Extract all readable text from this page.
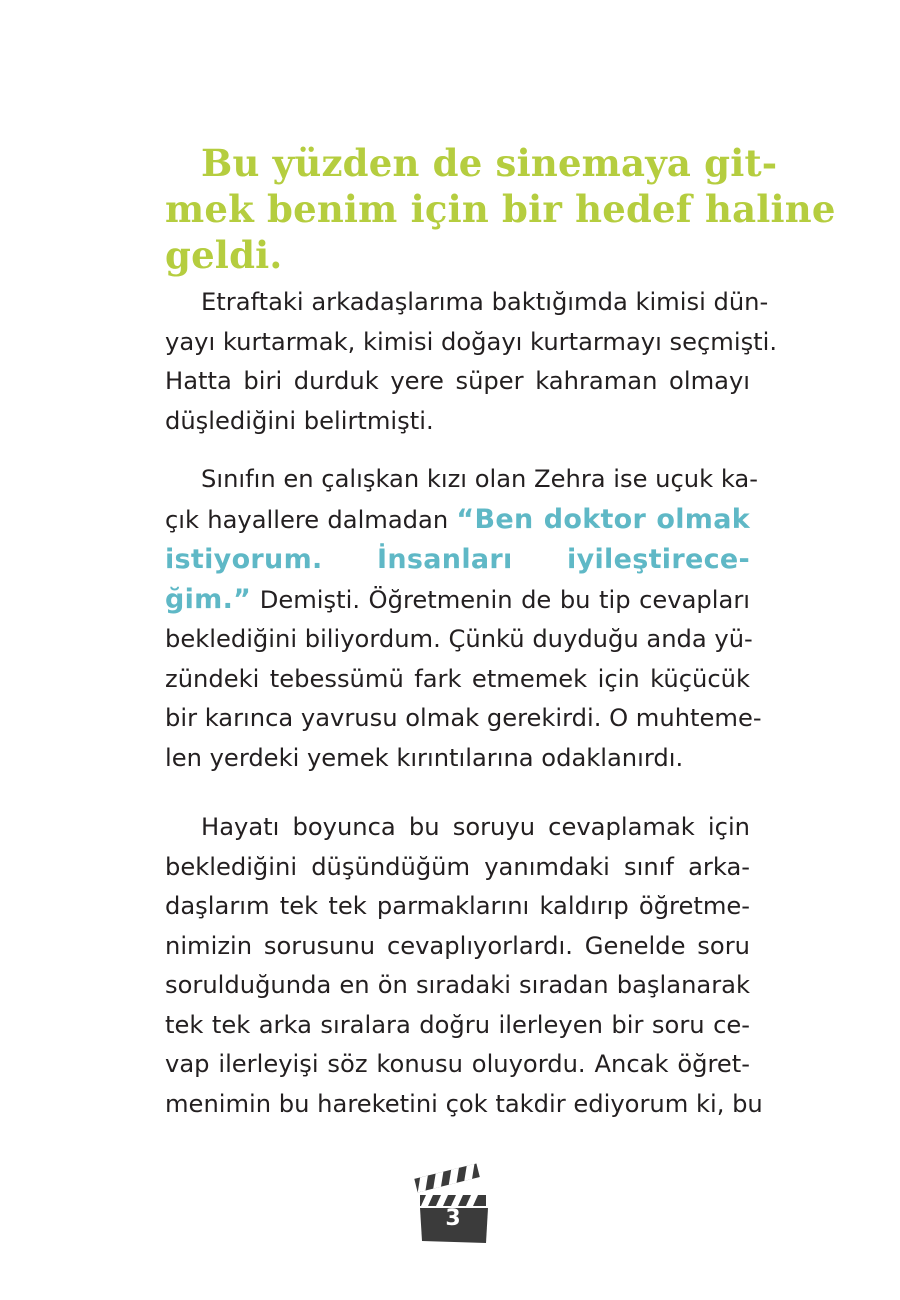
Bu yüzden de sinemaya git-
mek benim için bir hedef haline
geldi.

Etraftaki arkadaşlarıma baktığımda kimisi dün-
yayı kurtarmak, kimisi doğayı kurtarmayı seçmişti.
Hatta biri durduk yere süper kahraman olmayı
düşlediğini belirtmişti.

Sınıfın en çalışkan kızı olan Zehra ise uçuk ka-
çık hayallere dalmadan “Ben doktor olmak
istiyorum. İnsanları iyileştirece-
ğim.” Demişti. Öğretmenin de bu tip cevapları
beklediğini biliyordum. Çünkü duyduğu anda yü-
zündeki tebessümü fark etmemek için küçücük
bir karınca yavrusu olmak gerekirdi. O muhteme-
len yerdeki yemek kırıntılarına odaklanırdı.

Hayatı boyunca bu soruyu cevaplamak için
beklediğini düşündüğüm yanımdaki sınıf arka-
daşlarım tek tek parmaklarını kaldırıp öğretme-
nimizin sorusunu cevaplıyorlardı. Genelde soru
sorulduğunda en ön sıradaki sıradan başlanarak
tek tek arka sıralara doğru ilerleyen bir soru ce-
vap ilerleyişi söz konusu oluyordu. Ancak öğret-
menimin bu hareketini çok takdir ediyorum ki, bu

3
